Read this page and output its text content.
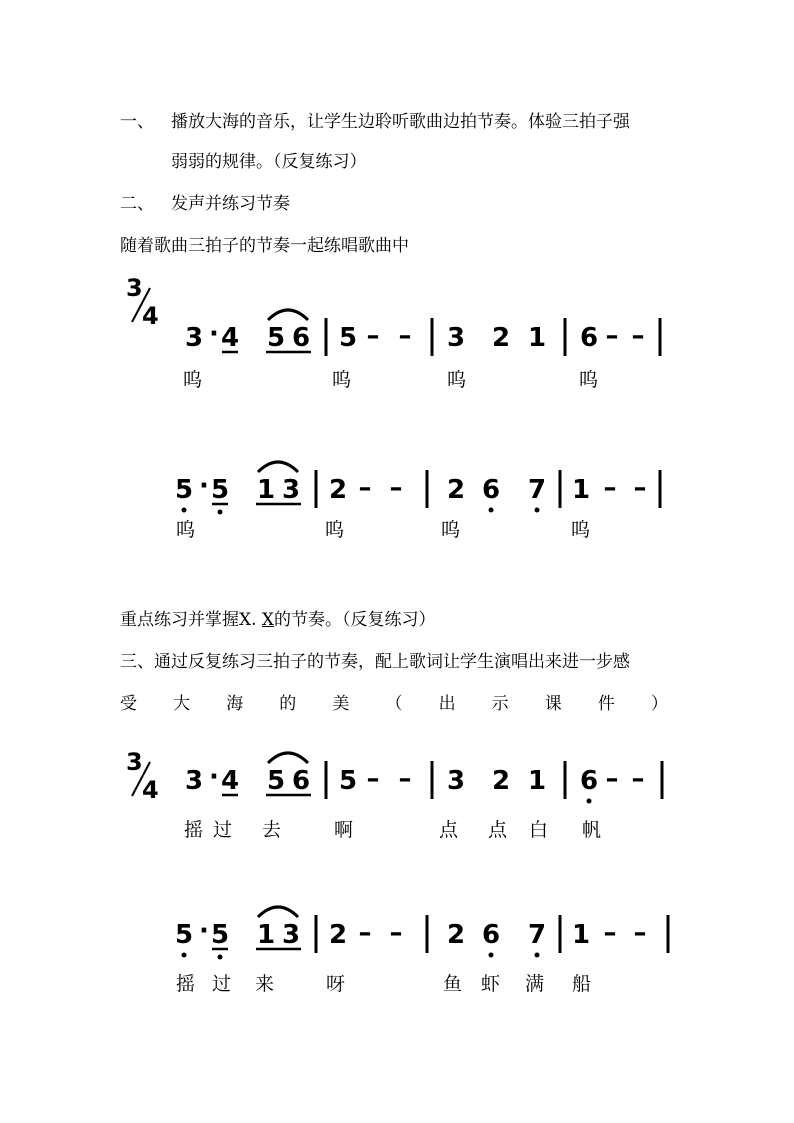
一、 播放大海的音乐，让学生边聆听歌曲边拍节奏。体验三拍子强
弱弱的规律。（反复练习）
二、 发声并练习节奏
随着歌曲三拍子的节奏一起练唱歌曲中
重点练习并掌握X. X的节奏。（反复练习）
三、通过反复练习三拍子的节奏，配上歌词让学生演唱出来进一步感
受 大 海 的 美 （ 出 示 课 件 ）
3
4
3 · 4 5 6 5 – – 3 2 1 6 – –
呜	呜	呜	呜
5 · 5 1 3 2 – – 2 6 7 1 – –
呜	呜	呜	呜
3
4 3 · 4 5 6 5 – – 3 2 1 6 – –
摇 过 去	啊	点 点 白 帆
5 · 5 1 3 2 – – 2 6 7 1 – –
摇 过 来	呀	鱼 虾 满 船
